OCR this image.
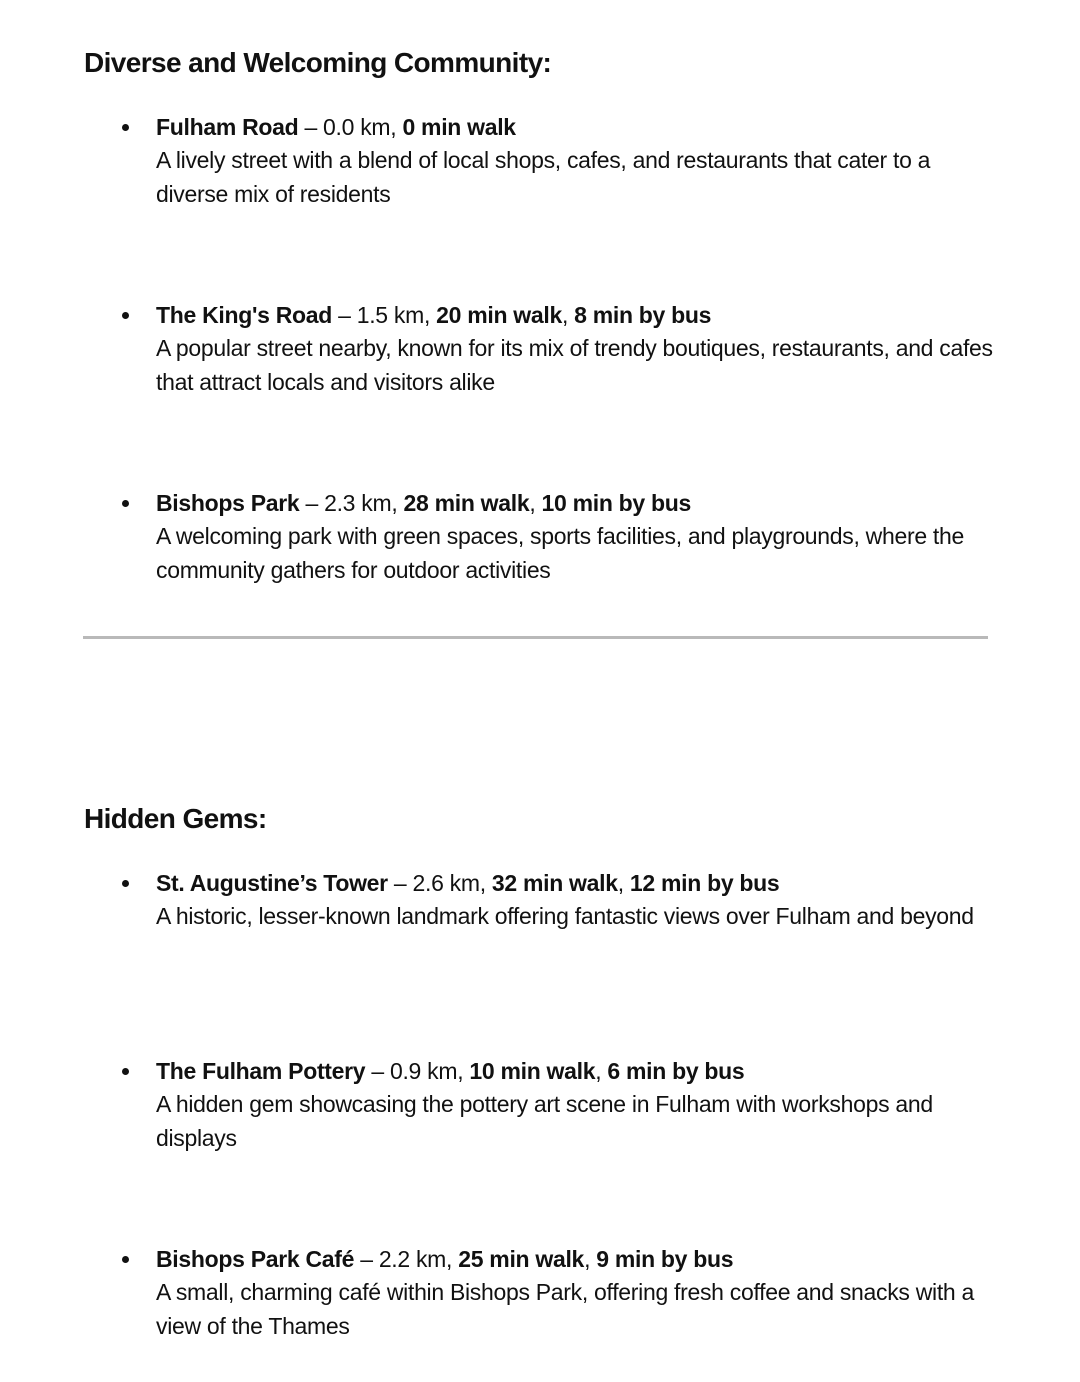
Diverse and Welcoming Community:
Fulham Road – 0.0 km, 0 min walk
A lively street with a blend of local shops, cafes, and restaurants that cater to a diverse mix of residents
The King's Road – 1.5 km, 20 min walk, 8 min by bus
A popular street nearby, known for its mix of trendy boutiques, restaurants, and cafes that attract locals and visitors alike
Bishops Park – 2.3 km, 28 min walk, 10 min by bus
A welcoming park with green spaces, sports facilities, and playgrounds, where the community gathers for outdoor activities
Hidden Gems:
St. Augustine’s Tower – 2.6 km, 32 min walk, 12 min by bus
A historic, lesser-known landmark offering fantastic views over Fulham and beyond
The Fulham Pottery – 0.9 km, 10 min walk, 6 min by bus
A hidden gem showcasing the pottery art scene in Fulham with workshops and displays
Bishops Park Café – 2.2 km, 25 min walk, 9 min by bus
A small, charming café within Bishops Park, offering fresh coffee and snacks with a view of the Thames
